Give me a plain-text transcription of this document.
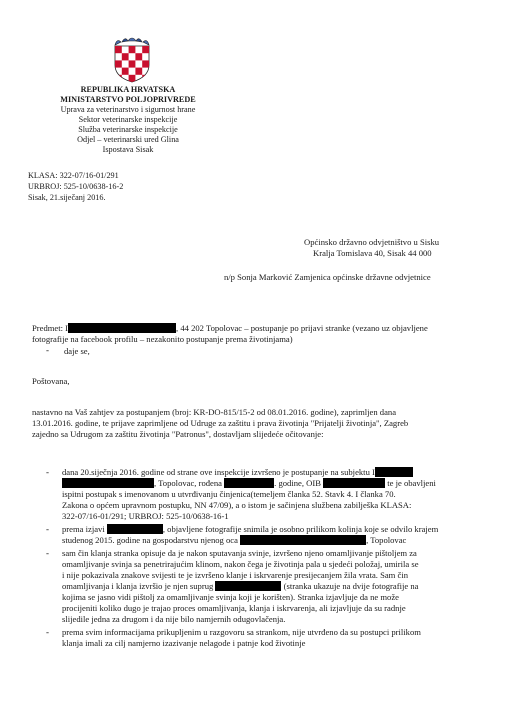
REPUBLIKA HRVATSKA
MINISTARSTVO POLJOPRIVREDE
Uprava za veterinarstvo i sigurnost hrane
Sektor veterinarske inspekcije
Služba veterinarske inspekcije
Odjel – veterinarski ured Glina
Ispostava Sisak
KLASA: 322-07/16-01/291
URBROJ: 525-10/0638-16-2
Sisak, 21.siječanj 2016.
Općinsko državno odvjetništvo u Sisku
Kralja Tomislava 40, Sisak 44 000
n/p Sonja Marković Zamjenica općinske državne odvjetnice
Predmet: I	, 44 202 Topolovac – postupanje po prijavi stranke (vezano uz objavljene
fotografije na facebook profilu – nezakonito postupanje prema životinjama)
- daje se,
Poštovana,
nastavno na Vaš zahtjev za postupanjem (broj: KR-DO-815/15-2 od 08.01.2016. godine), zaprimljen dana
13.01.2016. godine, te prijave zaprimljene od Udruge za zaštitu i prava životinja "Prijatelji životinja", Zagreb
zajedno sa Udrugom za zaštitu životinja "Patronus", dostavljam slijedeće očitovanje:
- dana 20.siječnja 2016. godine od strane ove inspekcije izvršeno je postupanje na subjektu I
, Topolovac, rođena	. godine, OIB	te je obavljeni
ispitni postupak s imenovanom u utvrđivanju činjenica(temeljem članka 52. Stavk 4. I članka 70.
Zakona o općem upravnom postupku, NN 47/09), a o istom je sačinjena službena zabilješka KLASA:
322-07/16-01/291; URBROJ: 525-10/0638-16-1
- prema izjavi	, objavljene fotografije snimila je osobno prilikom kolinja koje se odvilo krajem
studenog 2015. godine na gospodarstvu njenog oca	, Topolovac
- sam čin klanja stranka opisuje da je nakon sputavanja svinje, izvršeno njeno omamljivanje pištoljem za
omamljivanje svinja sa penetrirajućim klinom, nakon čega je životinja pala u sjedeći položaj, umirila se
i nije pokazivala znakove svijesti te je izvršeno klanje i iskrvarenje presijecanjem žila vrata. Sam čin
omamljivanja i klanja izvršio je njen suprug	(stranka ukazuje na dvije fotografije na
kojima se jasno vidi pištolj za omamljivanje svinja koji je korišten). Stranka izjavljuje da ne može
procijeniti koliko dugo je trajao proces omamljivanja, klanja i iskrvarenja, ali izjavljuje da su radnje
slijedile jedna za drugom i da nije bilo namjernih odugovlačenja.
- prema svim informacijama prikupljenim u razgovoru sa strankom, nije utvrđeno da su postupci prilikom
klanja imali za cilj namjerno izazivanje nelagode i patnje kod životinje
